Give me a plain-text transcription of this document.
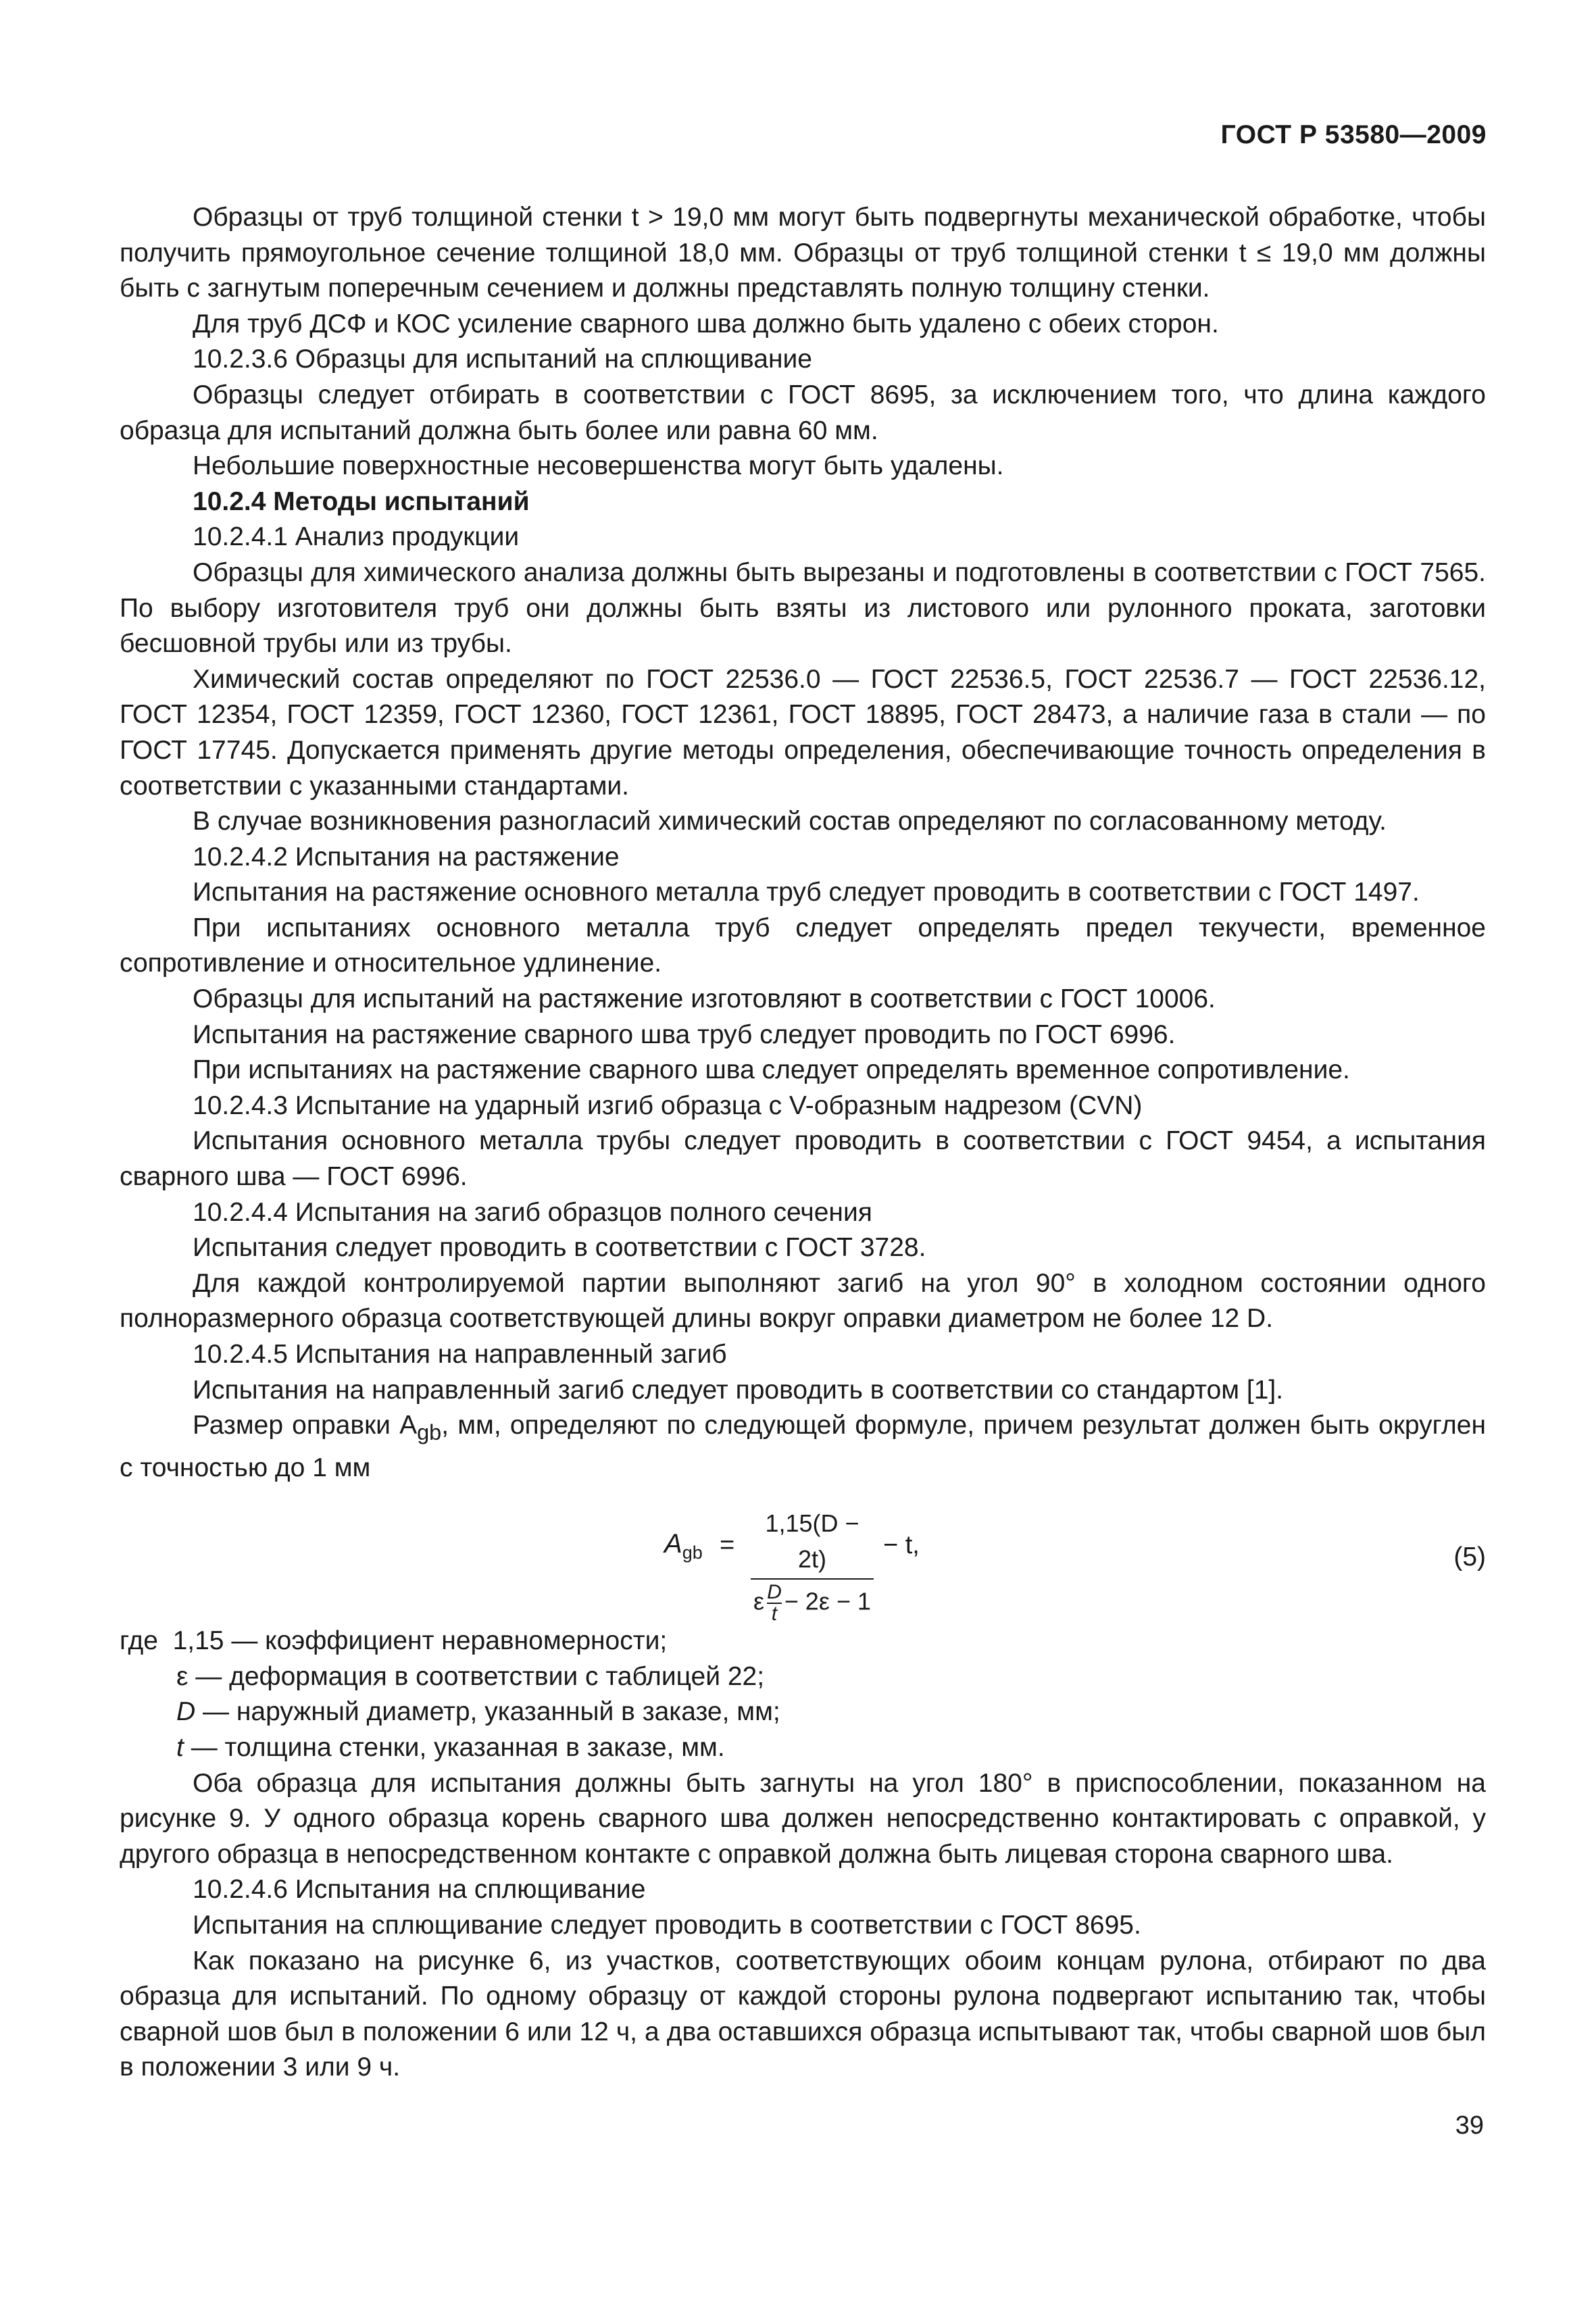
ГОСТ Р 53580—2009

Образцы от труб толщиной стенки t > 19,0 мм могут быть подвергнуты механической обработке, чтобы получить прямоугольное сечение толщиной 18,0 мм. Образцы от труб толщиной стенки t ≤ 19,0 мм должны быть с загнутым поперечным сечением и должны представлять полную толщину стенки.

Для труб ДСФ и КОС усиление сварного шва должно быть удалено с обеих сторон.

10.2.3.6 Образцы для испытаний на сплющивание

Образцы следует отбирать в соответствии с ГОСТ 8695, за исключением того, что длина каждого образца для испытаний должна быть более или равна 60 мм.

Небольшие поверхностные несовершенства могут быть удалены.

10.2.4 Методы испытаний

10.2.4.1 Анализ продукции

Образцы для химического анализа должны быть вырезаны и подготовлены в соответствии с ГОСТ 7565. По выбору изготовителя труб они должны быть взяты из листового или рулонного проката, заготовки бесшовной трубы или из трубы.

Химический состав определяют по ГОСТ 22536.0 — ГОСТ 22536.5, ГОСТ 22536.7 — ГОСТ 22536.12, ГОСТ 12354, ГОСТ 12359, ГОСТ 12360, ГОСТ 12361, ГОСТ 18895, ГОСТ 28473, а наличие газа в стали — по ГОСТ 17745. Допускается применять другие методы определения, обеспечивающие точность определения в соответствии с указанными стандартами.

В случае возникновения разногласий химический состав определяют по согласованному методу.

10.2.4.2 Испытания на растяжение

Испытания на растяжение основного металла труб следует проводить в соответствии с ГОСТ 1497.

При испытаниях основного металла труб следует определять предел текучести, временное сопротивление и относительное удлинение.

Образцы для испытаний на растяжение изготовляют в соответствии с ГОСТ 10006.

Испытания на растяжение сварного шва труб следует проводить по ГОСТ 6996.

При испытаниях на растяжение сварного шва следует определять временное сопротивление.

10.2.4.3 Испытание на ударный изгиб образца с V-образным надрезом (CVN)

Испытания основного металла трубы следует проводить в соответствии с ГОСТ 9454, а испытания сварного шва — ГОСТ 6996.

10.2.4.4 Испытания на загиб образцов полного сечения

Испытания следует проводить в соответствии с ГОСТ 3728.

Для каждой контролируемой партии выполняют загиб на угол 90° в холодном состоянии одного полноразмерного образца соответствующей длины вокруг оправки диаметром не более 12 D.

10.2.4.5 Испытания на направленный загиб

Испытания на направленный загиб следует проводить в соответствии со стандартом [1].

Размер оправки $A_{gb}$, мм, определяют по следующей формуле, причем результат должен быть округлен с точностью до 1 мм

$A_{gb}$ =
1,15(D − 2t)
ε $\frac{D}{t} - 2\varepsilon - 1$
− t,	(5)

где 1,15 — коэффициент неравномерности;

ε — деформация в соответствии с таблицей 22;

D — наружный диаметр, указанный в заказе, мм;

t — толщина стенки, указанная в заказе, мм.

Оба образца для испытания должны быть загнуты на угол 180° в приспособлении, показанном на рисунке 9. У одного образца корень сварного шва должен непосредственно контактировать с оправкой, у другого образца в непосредственном контакте с оправкой должна быть лицевая сторона сварного шва.

10.2.4.6 Испытания на сплющивание

Испытания на сплющивание следует проводить в соответствии с ГОСТ 8695.

Как показано на рисунке 6, из участков, соответствующих обоим концам рулона, отбирают по два образца для испытаний. По одному образцу от каждой стороны рулона подвергают испытанию так, чтобы сварной шов был в положении 6 или 12 ч, а два оставшихся образца испытывают так, чтобы сварной шов был в положении 3 или 9 ч.

39
